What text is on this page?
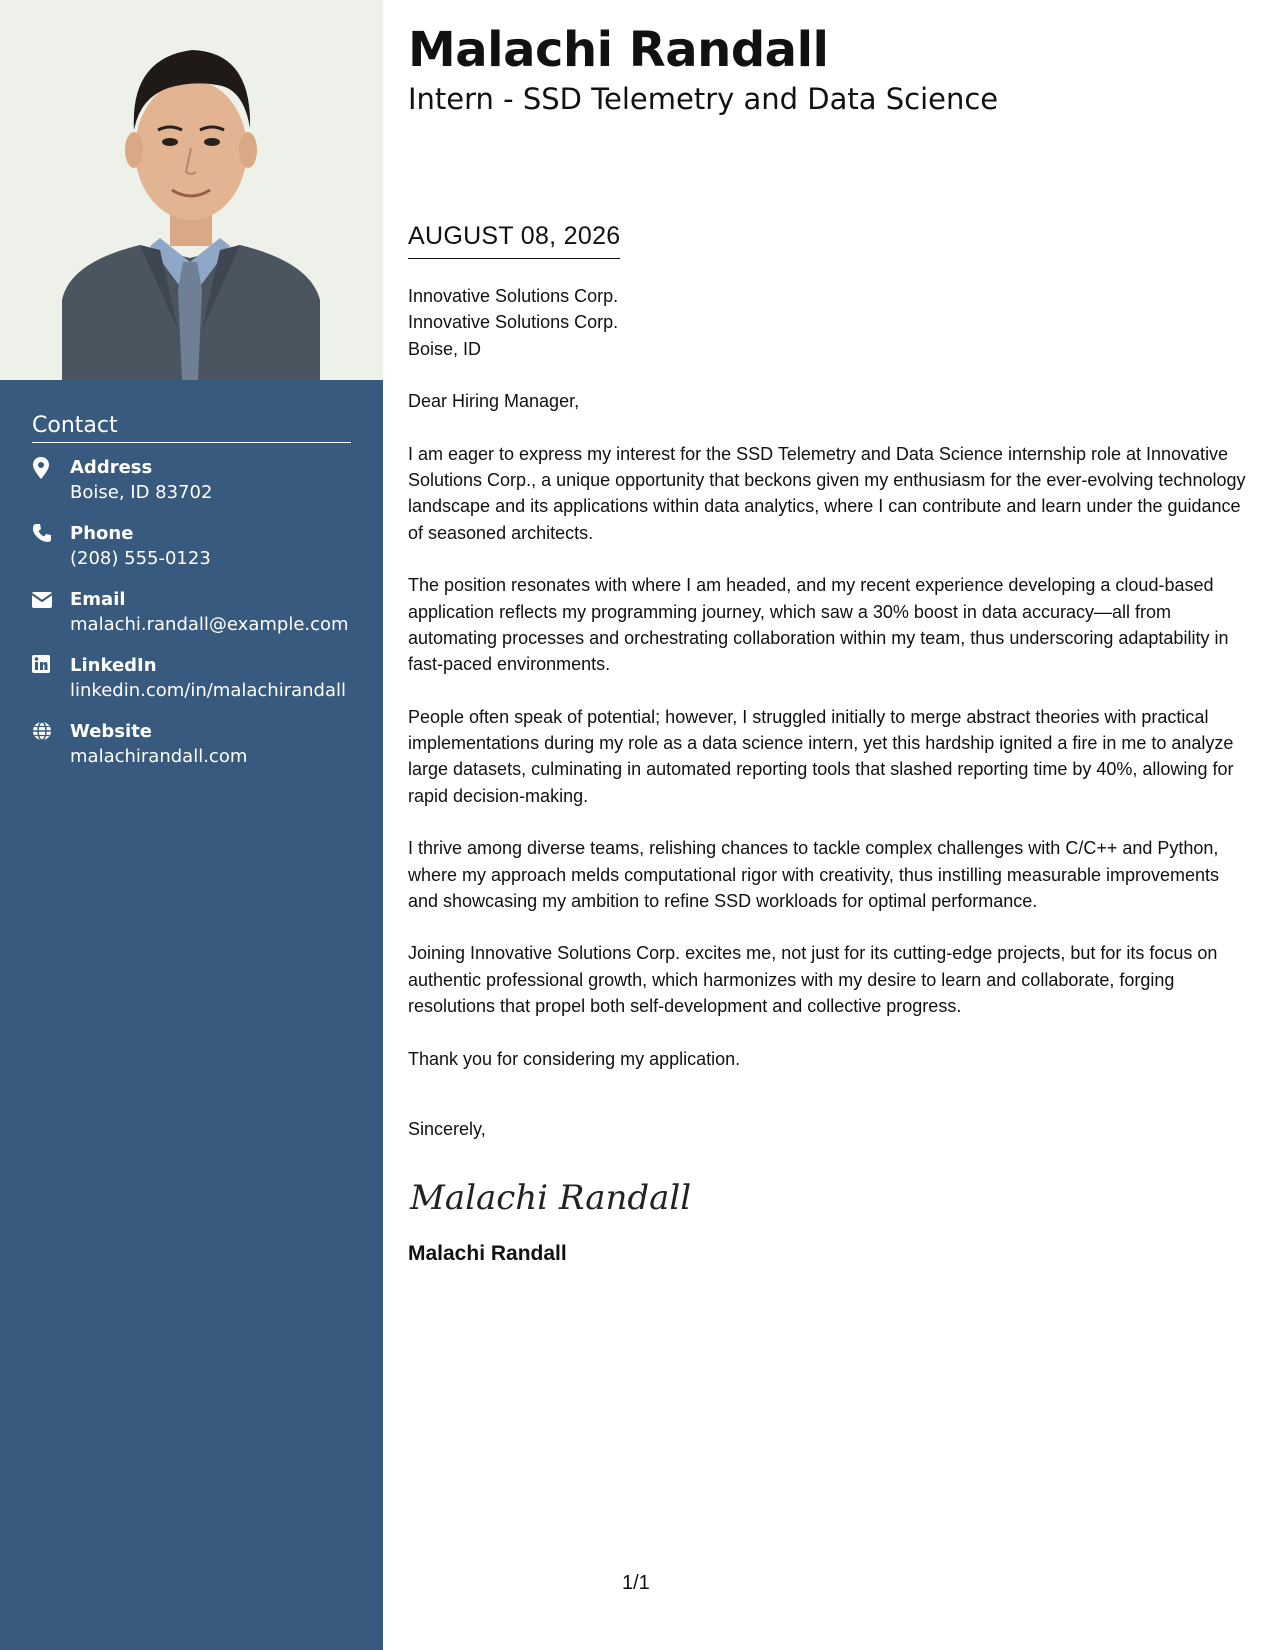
Contact
Address
Boise, ID 83702
Phone
(208) 555-0123
Email
malachi.randall@example.com
LinkedIn
linkedin.com/in/malachirandall
Website
malachirandall.com
Malachi Randall
Intern - SSD Telemetry and Data Science
AUGUST 08, 2026

Innovative Solutions Corp.
Innovative Solutions Corp.
Boise, ID

Dear Hiring Manager,

I am eager to express my interest for the SSD Telemetry and Data Science internship role at Innovative Solutions Corp., a unique opportunity that beckons given my enthusiasm for the ever-evolving technology landscape and its applications within data analytics, where I can contribute and learn under the guidance of seasoned architects.

The position resonates with where I am headed, and my recent experience developing a cloud-based application reflects my programming journey, which saw a 30% boost in data accuracy—all from automating processes and orchestrating collaboration within my team, thus underscoring adaptability in fast-paced environments.

People often speak of potential; however, I struggled initially to merge abstract theories with practical implementations during my role as a data science intern, yet this hardship ignited a fire in me to analyze large datasets, culminating in automated reporting tools that slashed reporting time by 40%, allowing for rapid decision-making.

I thrive among diverse teams, relishing chances to tackle complex challenges with C/C++ and Python, where my approach melds computational rigor with creativity, thus instilling measurable improvements and showcasing my ambition to refine SSD workloads for optimal performance.

Joining Innovative Solutions Corp. excites me, not just for its cutting-edge projects, but for its focus on authentic professional growth, which harmonizes with my desire to learn and collaborate, forging resolutions that propel both self-development and collective progress.

Thank you for considering my application.

Sincerely,

Malachi Randall
Malachi Randall
1/1
